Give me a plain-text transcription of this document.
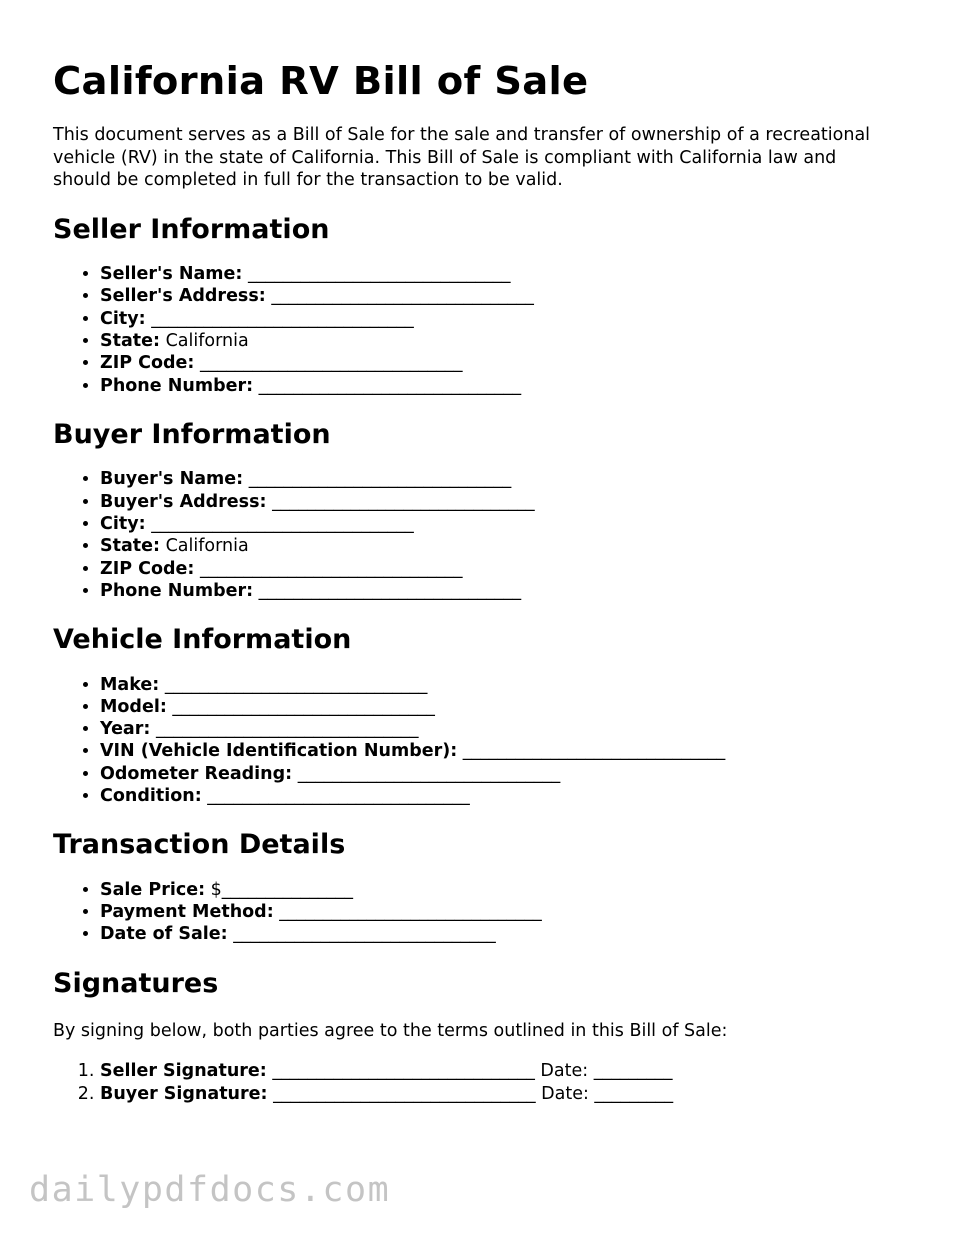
California RV Bill of Sale

This document serves as a Bill of Sale for the sale and transfer of ownership of a recreational vehicle (RV) in the state of California. This Bill of Sale is compliant with California law and should be completed in full for the transaction to be valid.

Seller Information
• Seller's Name: ______________________________
• Seller's Address: ______________________________
• City: ______________________________
• State: California
• ZIP Code: ______________________________
• Phone Number: ______________________________
Buyer Information
• Buyer's Name: ______________________________
• Buyer's Address: ______________________________
• City: ______________________________
• State: California
• ZIP Code: ______________________________
• Phone Number: ______________________________
Vehicle Information
• Make: ______________________________
• Model: ______________________________
• Year: ______________________________
• VIN (Vehicle Identification Number): ______________________________
• Odometer Reading: ______________________________
• Condition: ______________________________
Transaction Details
• Sale Price: $_______________
• Payment Method: ______________________________
• Date of Sale: ______________________________
Signatures

By signing below, both parties agree to the terms outlined in this Bill of Sale:

1. Seller Signature: ______________________________ Date: _________
2. Buyer Signature: ______________________________ Date: _________
dailypdfdocs.com
